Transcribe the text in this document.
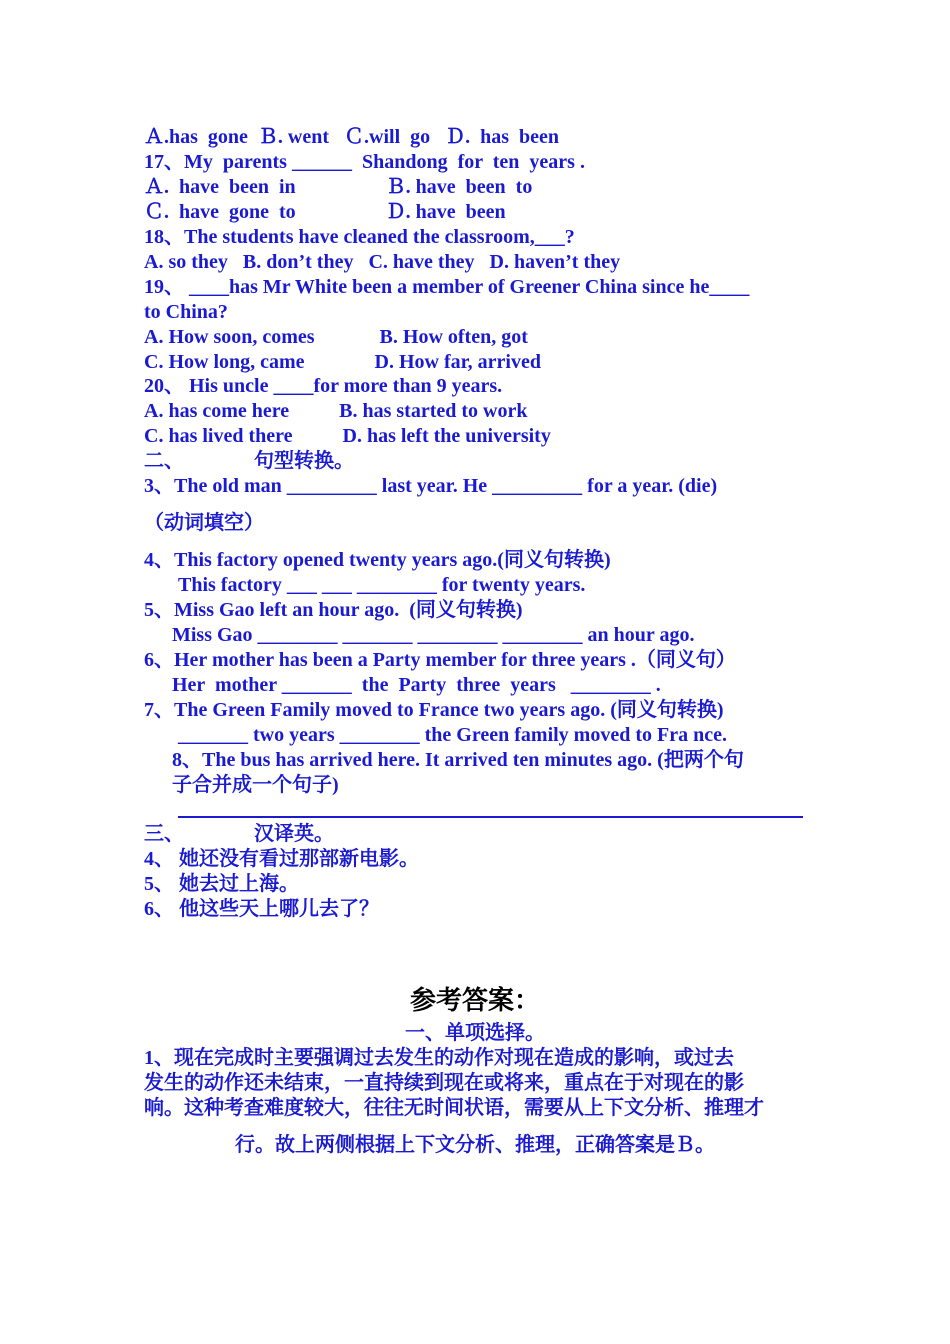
Ａ.has  gone  Ｂ. went   Ｃ.will  go   Ｄ.  has  been
17、My  parents ______  Shandong  for  ten  years .
Ａ.  have  been  in                  Ｂ. have  been  to
Ｃ.  have  gone  to                  Ｄ. have  been
18、The students have cleaned the classroom,___?
A. so they   B. don’t they   C. have they   D. haven’t they
19、 ____has Mr White been a member of Greener China since he____
to China?
A. How soon, comes             B. How often, got
C. How long, came              D. How far, arrived
20、 His uncle ____for more than 9 years.
A. has come here          B. has started to work
C. has lived there          D. has left the university
二、              句型转换。
3、The old man _________ last year. He _________ for a year. (die)
（动词填空）
4、This factory opened twenty years ago.(同义句转换)
This factory ___ ___ ________ for twenty years.
5、Miss Gao left an hour ago.  (同义句转换)
Miss Gao ________ _______ ________ ________ an hour ago.
6、Her mother has been a Party member for three years .（同义句）
Her  mother _______  the  Party  three  years   ________ .
7、The Green Family moved to France two years ago. (同义句转换)
_______ two years ________ the Green family moved to Fra nce.
8、The bus has arrived here. It arrived ten minutes ago. (把两个句
子合并成一个句子)
三、              汉译英。
4、 她还没有看过那部新电影。
5、 她去过上海。
6、 他这些天上哪儿去了？
参考答案：
一、单项选择。
1、现在完成时主要强调过去发生的动作对现在造成的影响，或过去
发生的动作还未结束，一直持续到现在或将来，重点在于对现在的影
响。这种考查难度较大，往往无时间状语，需要从上下文分析、推理才
行。故上两侧根据上下文分析、推理，正确答案是Ｂ。
